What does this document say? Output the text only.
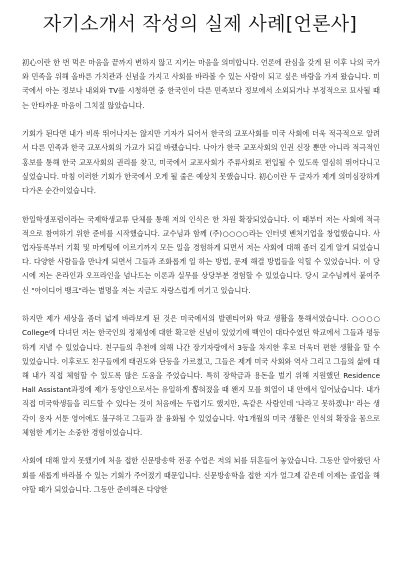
자기소개서 작성의 실제 사례[언론사]

初心이란 한 번 먹은 마음을 끝까지 변하지 않고 지키는 마음을 의미합니다. 언론에 관심을 갖게 된 이후 나의 국가와 민족을 위해 올바른 가치관과 신념을 가지고 사회를 바라볼 수 있는 사람이 되고 싶은 바람을 가져 왔습니다. 미국에서 아는 정보나 내외와 TV를 시청하면 중 한국인이 다른 민족보다 정보에서 소외되거나 부정적으로 묘사될 때는 안타까운 마음이 그치질 않았습니다.

기회가 된다면 내가 비록 뛰어나지는 않지만 기자가 되어서 한국의 교포사회를 미국 사회에 더욱 적극적으로 알려서 다른 민족과 한국 교포사회의 가교가 되길 바랬습니다. 나아가 한국 교포사회의 인권 신장 뿐만 아니라 적극적인 홍보를 통해 한국 교포사회의 권리를 찾고, 미국에서 교포사회가 주류사회로 편입될 수 있도록 열심히 뛰어다니고 싶었습니다. 마침 이러한 기회가 한국에서 오게 될 줄은 예상치 못했습니다. 初心이란 두 글자가 제게 의미심장하게 다가온 순간이었습니다.

한일학생포럼이라는 국제학생교류 단체를 통해 저의 인식은 한 차원 확장되었습니다. 이 때부터 저는 사회에 적극적으로 참여하기 위한 준비를 시작했습니다. 교수님과 함께 (주)○○○○라는 인터넷 벤처기업을 창업했습니다. 사업자등록부터 기획 및 마케팅에 이르기까지 모든 일을 경험하게 되면서 저는 사회에 대해 좀더 깊게 알게 되었습니다. 다양한 사람들을 만나게 되면서 그들과 조화롭게 일 하는 방법, 문제 해결 방법들을 익힐 수 있었습니다. 이 당시에 저는 온라인과 오프라인을 넘나드는 이론과 실무를 상당부분 경험할 수 있었습니다. 당시 교수님께서 붙여주신 "아이디어 뱅크"라는 별명을 저는 지금도 자랑스럽게 여기고 있습니다.

하지만 제가 세상을 좀더 넓게 바라보게 된 것은 미국에서의 발렌티어와 학교 생활을 통해서였습니다. ○○○○ College에 다녀던 저는 한국인의 정체성에 대한 확고한 신념이 있었기에 백인이 대다수였던 학교에서 그들과 평등하게 지낼 수 있었습니다. 친구들의 추천에 의해 나간 장기자랑에서 3등을 차지한 후로 더욱더 편한 생활을 할 수 있었습니다. 이후로도 친구들에게 태권도와 단등을 가르쳤고, 그들은 제게 미국 사회와 역사 그리고 그들의 삶에 대해 내가 직접 체험할 수 있도록 많은 도움을 주었습니다. 특히 장학금과 용돈을 벌기 위해 지원했던 Residence Hall Assistant과정에 제가 동양인으로서는 유일하게 뽑혀졌을 때 왠지 모를 희열이 내 안에서 일어났습니다. 내가 직접 미국학생들을 리드할 수 있다는 것이 처음에는 두렵기도 했지만, 옥같은 사람인데 '나라고 못하겠냐!' 라는 생각이 용자 서툰 영어에도 불구하고 그들과 잘 융화될 수 있었습니다. 약1개월의 미국 생활은 인식의 확장을 몸으로 체험한 계기는 소중한 경험이었습니다.

사회에 대해 알지 못했기에 처음 접한 신문방송학 전공 수업은 저의 뇌를 뒤흔들어 놓았습니다. 그동안 알아왔던 사회를 새롭게 바라볼 수 있는 기회가 주어졌기 때문입니다. 신문방송학을 접한 지가 얼그제 같은데 이제는 졸업을 해야할 때가 되었습니다. 그동안 준비해온 다양한
